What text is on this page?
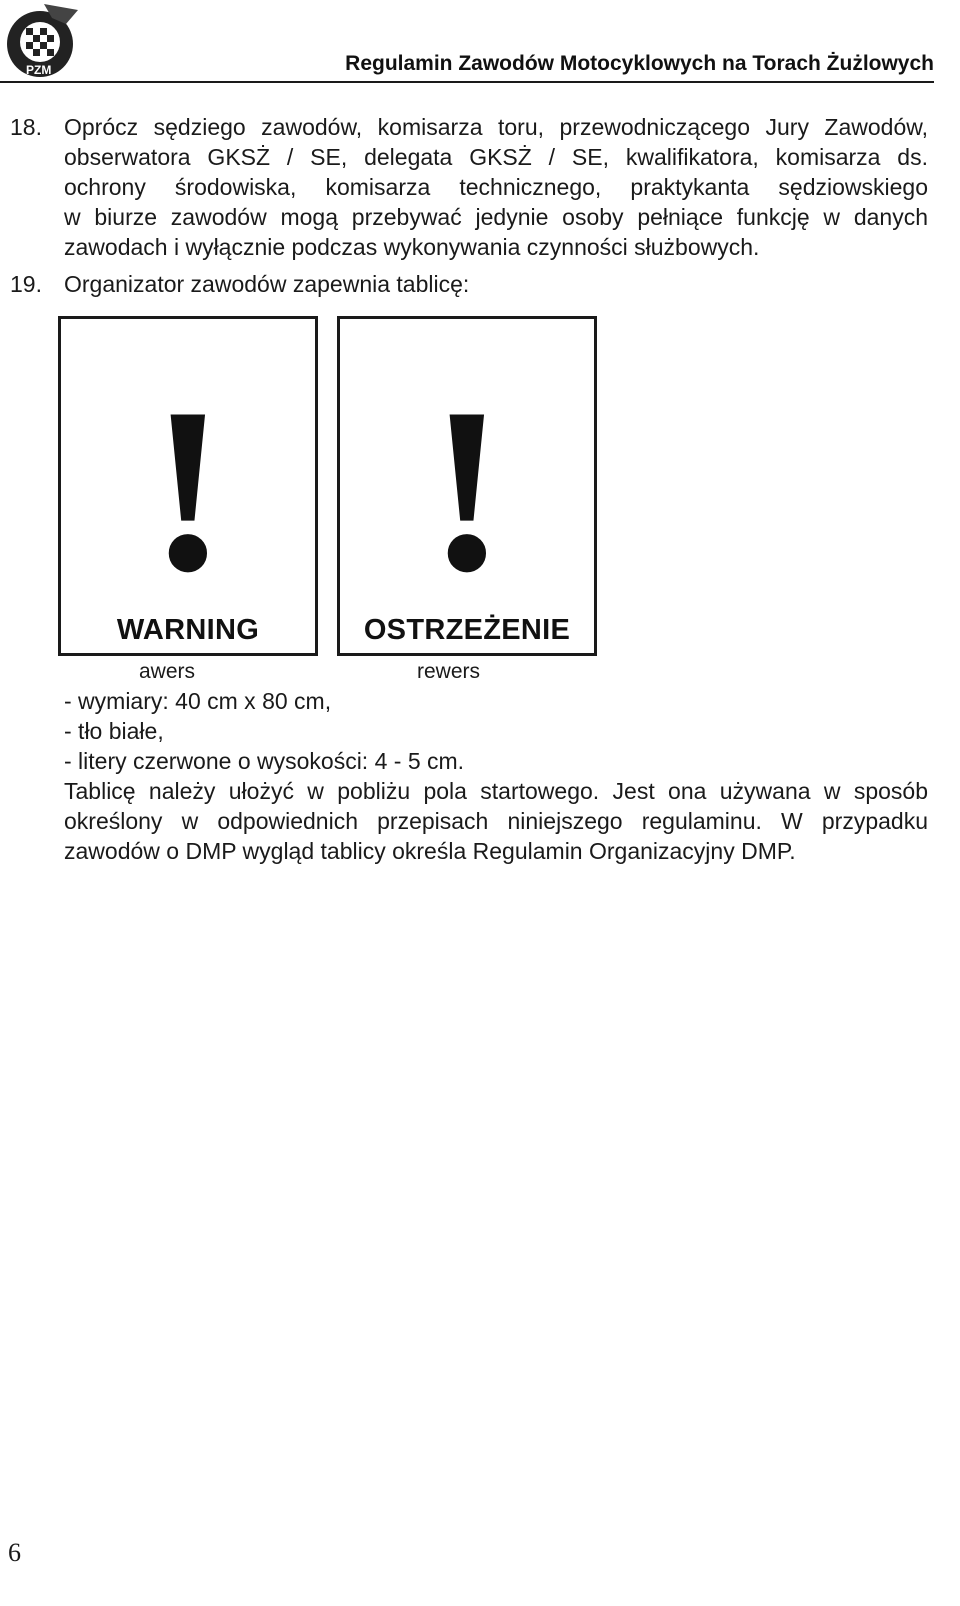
PZM	Regulamin Zawodów Motocyklowych na Torach Żużlowych
18. Oprócz sędziego zawodów, komisarza toru, przewodniczącego Jury Zawodów,
obserwatora GKSŻ / SE, delegata GKSŻ / SE, kwalifikatora, komisarza ds.
ochrony środowiska, komisarza technicznego, praktykanta sędziowskiego
w biurze zawodów mogą przebywać jedynie osoby pełniące funkcję w danych
zawodach i wyłącznie podczas wykonywania czynności służbowych.
19. Organizator zawodów zapewnia tablicę:
!
WARNING
!
OSTRZEŻENIE
awers	rewers
- wymiary: 40 cm x 80 cm,
- tło białe,
- litery czerwone o wysokości: 4 - 5 cm.
Tablicę należy ułożyć w pobliżu pola startowego. Jest ona używana w sposób
określony w odpowiednich przepisach niniejszego regulaminu. W przypadku
zawodów o DMP wygląd tablicy określa Regulamin Organizacyjny DMP.
6
